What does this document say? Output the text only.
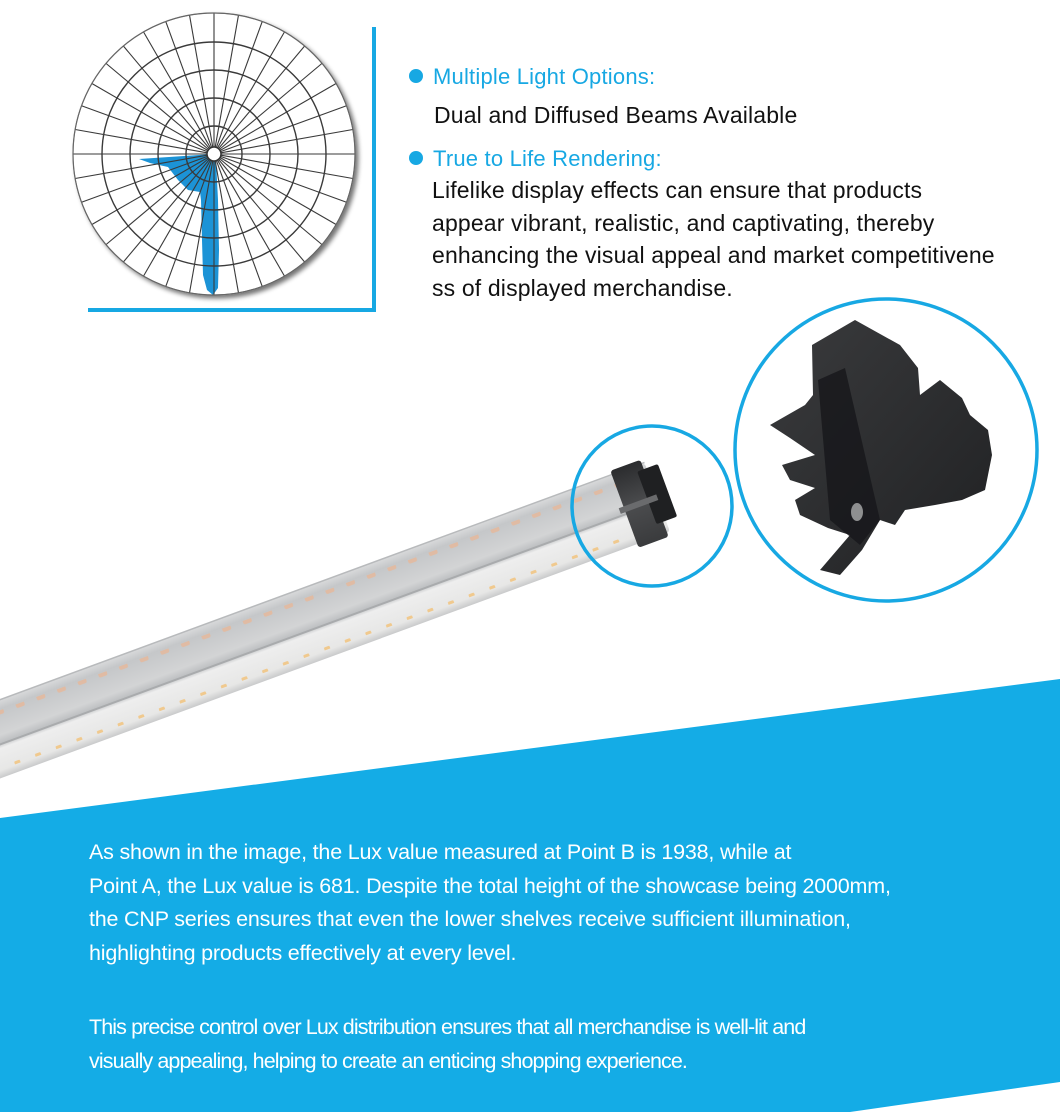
Multiple Light Options:
Dual and Diffused Beams Available
True to Life Rendering:
Lifelike display effects can ensure that products
appear vibrant, realistic, and captivating, thereby
enhancing the visual appeal and market competitivene
ss of displayed merchandise.
As shown in the image, the Lux value measured at Point B is 1938, while at
Point A, the Lux value is 681. Despite the total height of the showcase being 2000mm,
the CNP series ensures that even the lower shelves receive sufficient illumination,
highlighting products effectively at every level.
This precise control over Lux distribution ensures that all merchandise is well-lit and
visually appealing, helping to create an enticing shopping experience.
